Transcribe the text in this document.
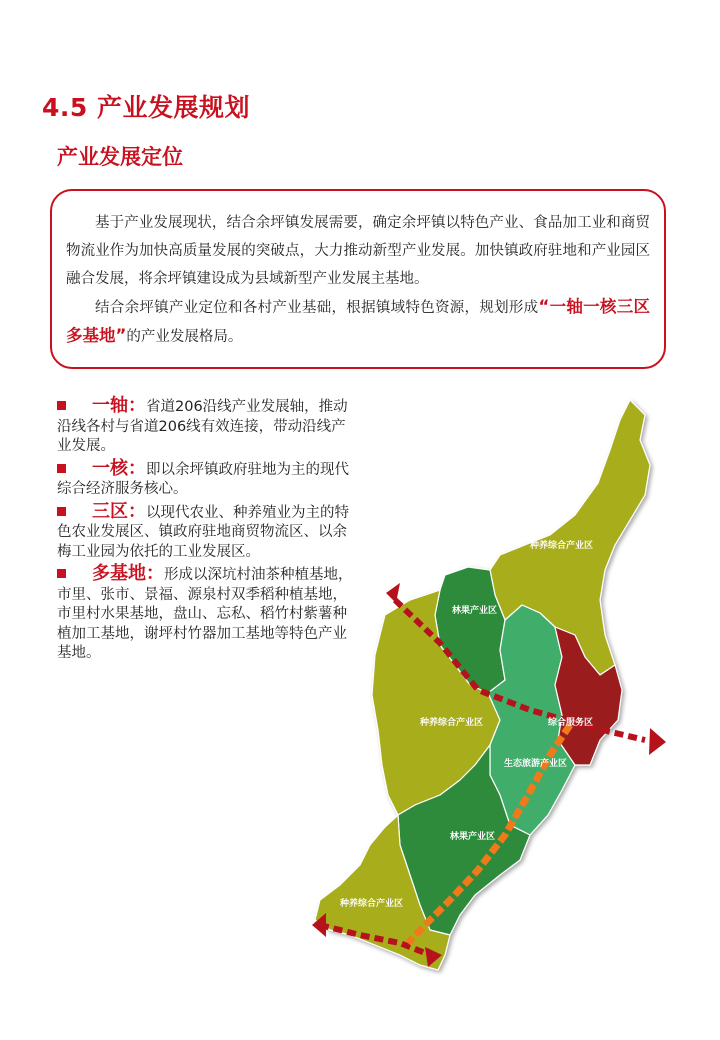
4.5 产业发展规划
产业发展定位

基于产业发展现状，结合余坪镇发展需要，确定余坪镇以特色产业、食品加工业和商贸物流业作为加快高质量发展的突破点，大力推动新型产业发展。加快镇政府驻地和产业园区融合发展，将余坪镇建设成为县域新型产业发展主基地。

结合余坪镇产业定位和各村产业基础，根据镇域特色资源，规划形成“一轴一核三区多基地”的产业发展格局。

一轴：省道206沿线产业发展轴，推动沿线各村与省道206线有效连接，带动沿线产业发展。
一核：即以余坪镇政府驻地为主的现代综合经济服务核心。
三区：以现代农业、种养殖业为主的特色农业发展区、镇政府驻地商贸物流区、以余梅工业园为依托的工业发展区。
多基地：形成以深坑村油茶种植基地，市里、张市、景福、源泉村双季稻种植基地，市里村水果基地，盘山、忘私、稻竹村紫薯种植加工基地，谢坪村竹器加工基地等特色产业基地。
种养综合产业区
林果产业区
种养综合产业区	综合服务区
生态旅游产业区
林果产业区
种养综合产业区
